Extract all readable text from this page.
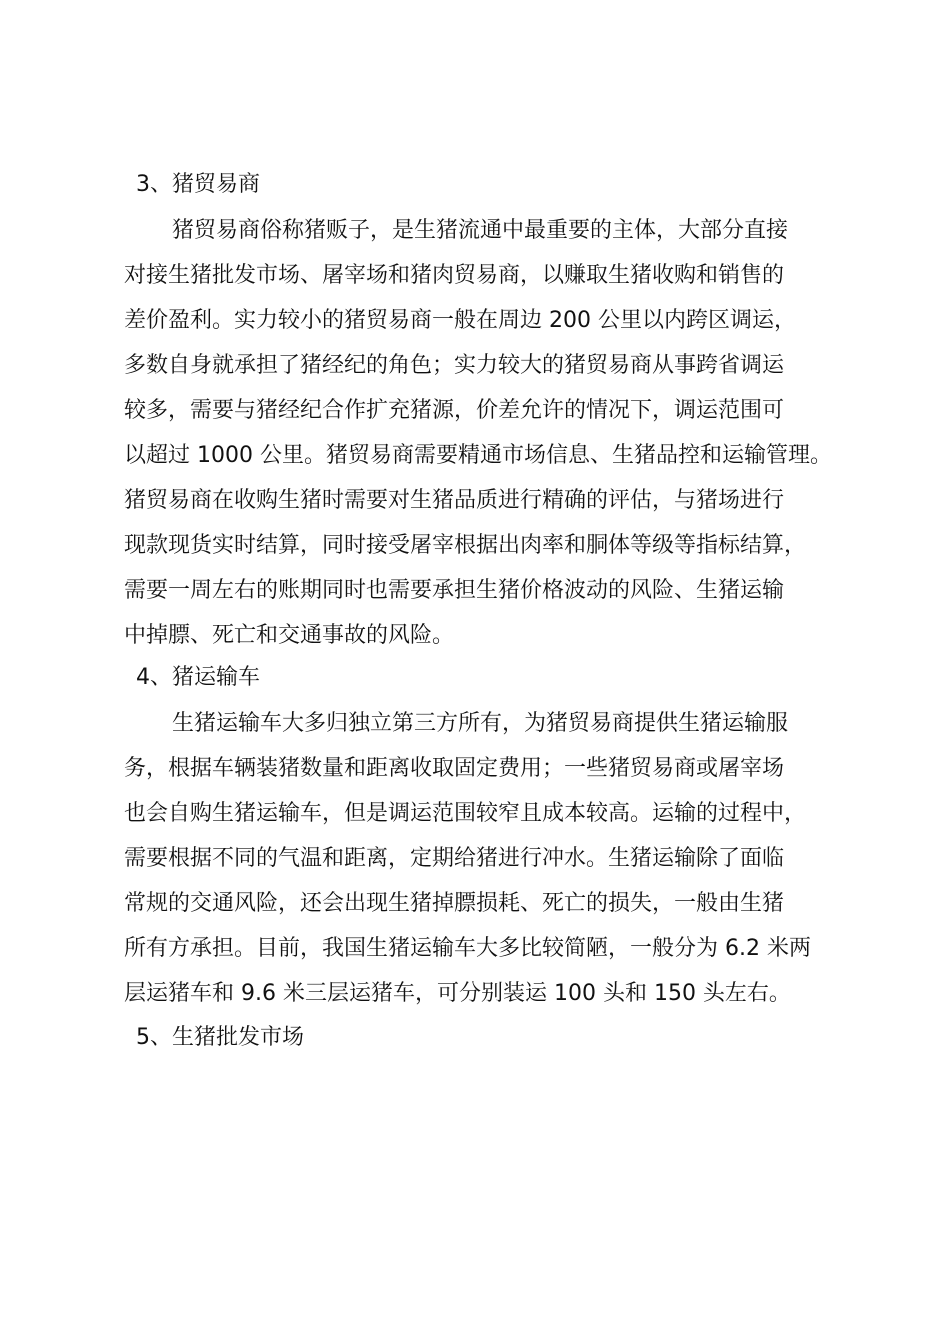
3、猪贸易商
猪贸易商俗称猪贩子，是生猪流通中最重要的主体，大部分直接
对接生猪批发市场、屠宰场和猪肉贸易商，以赚取生猪收购和销售的
差价盈利。实力较小的猪贸易商一般在周边 200 公里以内跨区调运，
多数自身就承担了猪经纪的角色；实力较大的猪贸易商从事跨省调运
较多，需要与猪经纪合作扩充猪源，价差允许的情况下，调运范围可
以超过 1000 公里。猪贸易商需要精通市场信息、生猪品控和运输管理。
猪贸易商在收购生猪时需要对生猪品质进行精确的评估，与猪场进行
现款现货实时结算，同时接受屠宰根据出肉率和胴体等级等指标结算，
需要一周左右的账期同时也需要承担生猪价格波动的风险、生猪运输
中掉膘、死亡和交通事故的风险。
4、猪运输车
生猪运输车大多归独立第三方所有，为猪贸易商提供生猪运输服
务，根据车辆装猪数量和距离收取固定费用；一些猪贸易商或屠宰场
也会自购生猪运输车，但是调运范围较窄且成本较高。运输的过程中，
需要根据不同的气温和距离，定期给猪进行冲水。生猪运输除了面临
常规的交通风险，还会出现生猪掉膘损耗、死亡的损失，一般由生猪
所有方承担。目前，我国生猪运输车大多比较简陋，一般分为 6.2 米两
层运猪车和 9.6 米三层运猪车，可分别装运 100 头和 150 头左右。
5、生猪批发市场
